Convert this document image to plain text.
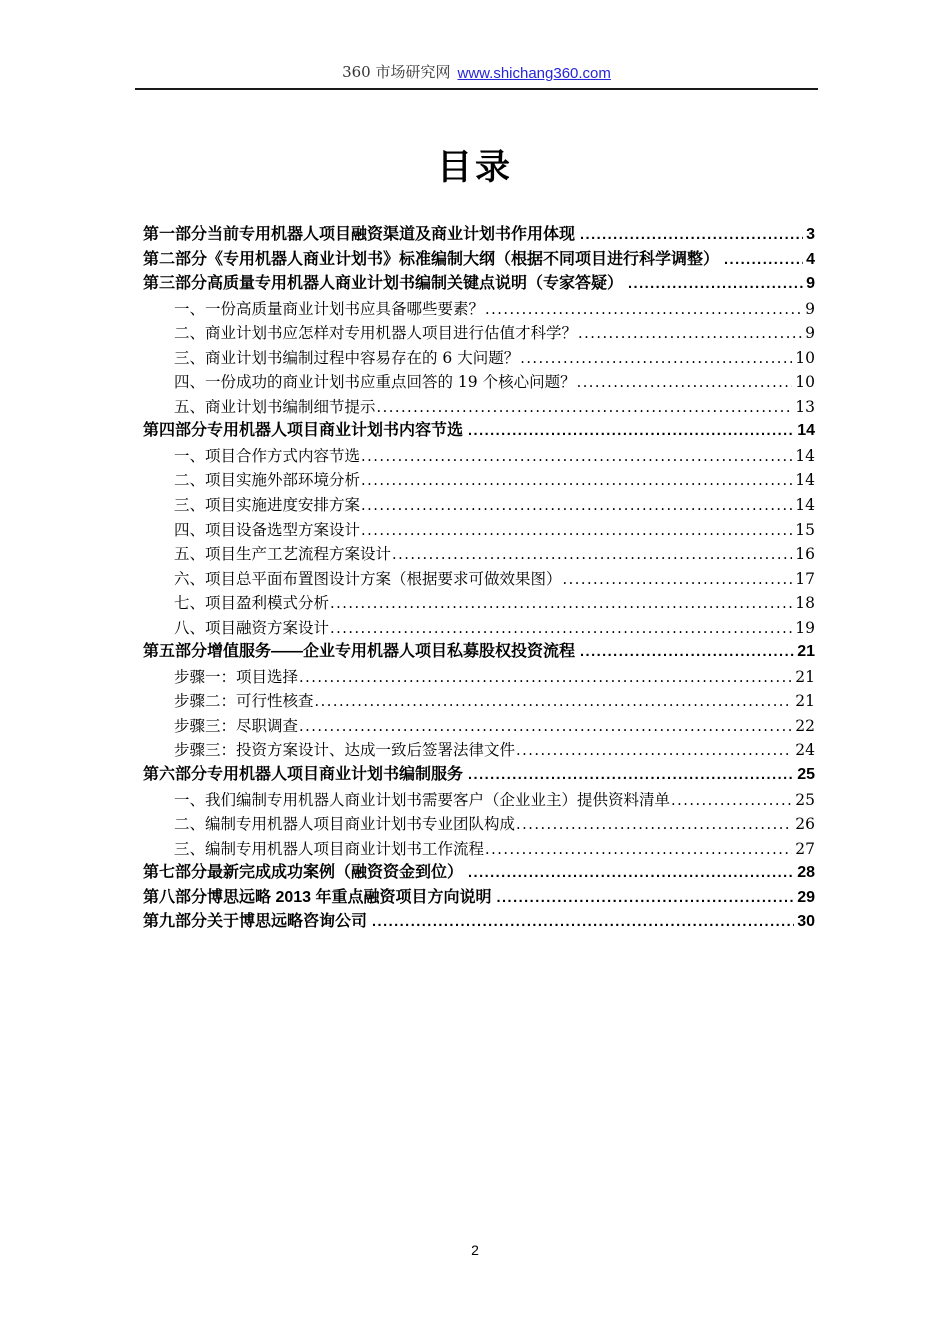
360 市场研究网 www.shichang360.com
目录
第一部分当前专用机器人项目融资渠道及商业计划书作用体现 .....	3
第二部分《专用机器人商业计划书》标准编制大纲（根据不同项目进行科学调整） .....	4
第三部分高质量专用机器人商业计划书编制关键点说明（专家答疑） .....	9
一、一份高质量商业计划书应具备哪些要素？ .....	9
二、商业计划书应怎样对专用机器人项目进行估值才科学？ .....	9
三、商业计划书编制过程中容易存在的 6 大问题？ .....	10
四、一份成功的商业计划书应重点回答的 19 个核心问题？ .....	10
五、商业计划书编制细节提示 .....	13
第四部分专用机器人项目商业计划书内容节选 .....	14
一、项目合作方式内容节选 .....	14
二、项目实施外部环境分析 .....	14
三、项目实施进度安排方案 .....	14
四、项目设备选型方案设计 .....	15
五、项目生产工艺流程方案设计 .....	16
六、项目总平面布置图设计方案（根据要求可做效果图） .....	17
七、项目盈利模式分析 .....	18
八、项目融资方案设计 .....	19
第五部分增值服务——企业专用机器人项目私募股权投资流程 .....	21
步骤一：项目选择 .....	21
步骤二：可行性核查 .....	21
步骤三：尽职调查 .....	22
步骤三：投资方案设计、达成一致后签署法律文件 .....	24
第六部分专用机器人项目商业计划书编制服务 .....	25
一、我们编制专用机器人商业计划书需要客户（企业业主）提供资料清单 .....	25
二、编制专用机器人项目商业计划书专业团队构成 .....	26
三、编制专用机器人项目商业计划书工作流程 .....	27
第七部分最新完成成功案例（融资资金到位） .....	28
第八部分博思远略 2013 年重点融资项目方向说明 .....	29
第九部分关于博思远略咨询公司 .....	30
2
